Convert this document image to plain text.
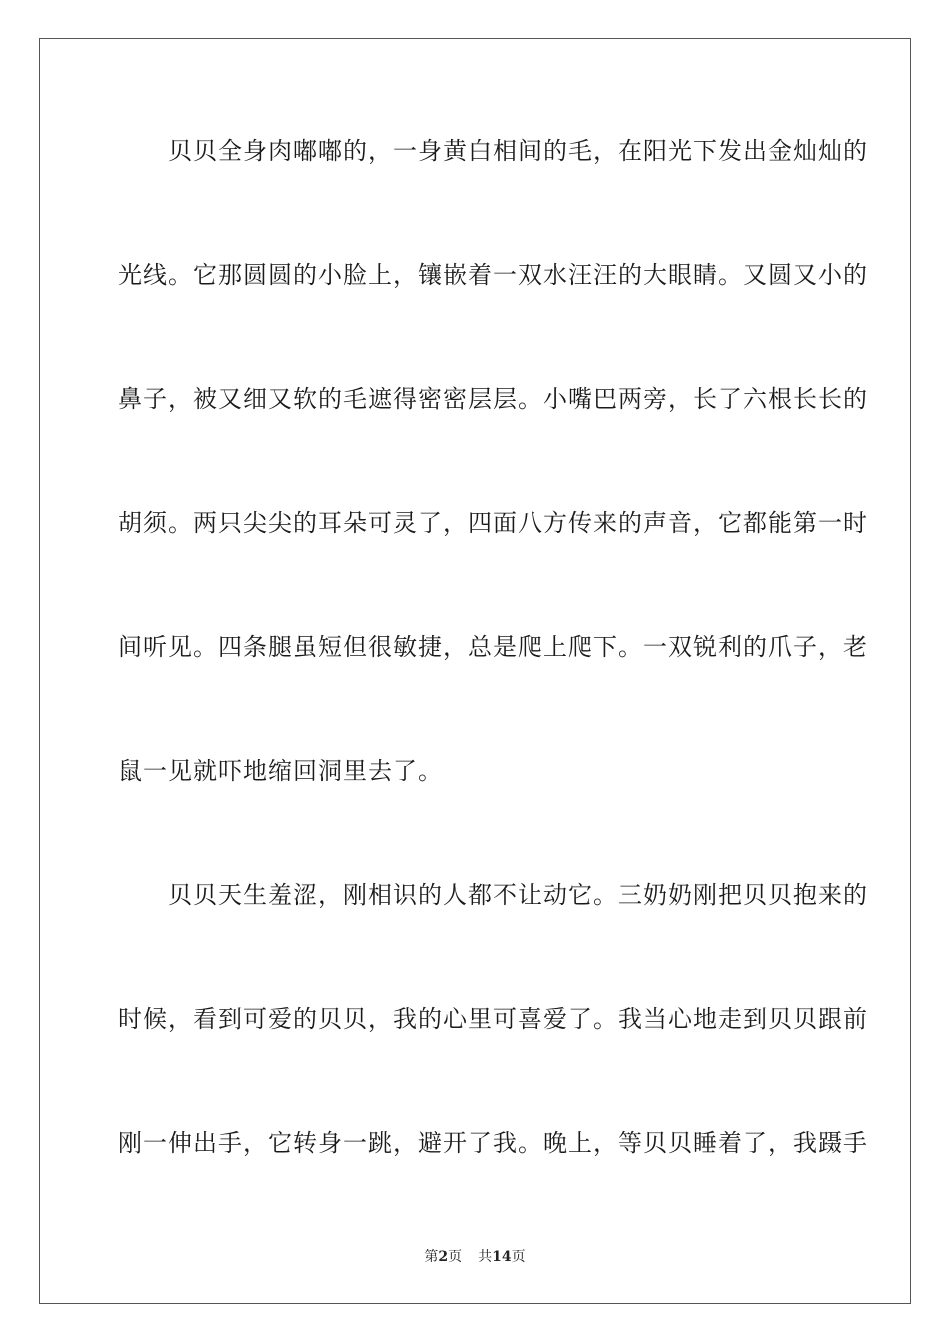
　　贝贝全身肉嘟嘟的，一身黄白相间的毛，在阳光下发出金灿灿的
光线。它那圆圆的小脸上，镶嵌着一双水汪汪的大眼睛。又圆又小的
鼻子，被又细又软的毛遮得密密层层。小嘴巴两旁，长了六根长长的
胡须。两只尖尖的耳朵可灵了，四面八方传来的声音，它都能第一时
间听见。四条腿虽短但很敏捷，总是爬上爬下。一双锐利的爪子，老
鼠一见就吓地缩回洞里去了。
　　贝贝天生羞涩，刚相识的人都不让动它。三奶奶刚把贝贝抱来的
时候，看到可爱的贝贝，我的心里可喜爱了。我当心地走到贝贝跟前
刚一伸出手，它转身一跳，避开了我。晚上，等贝贝睡着了，我蹑手
第2页 共14页
